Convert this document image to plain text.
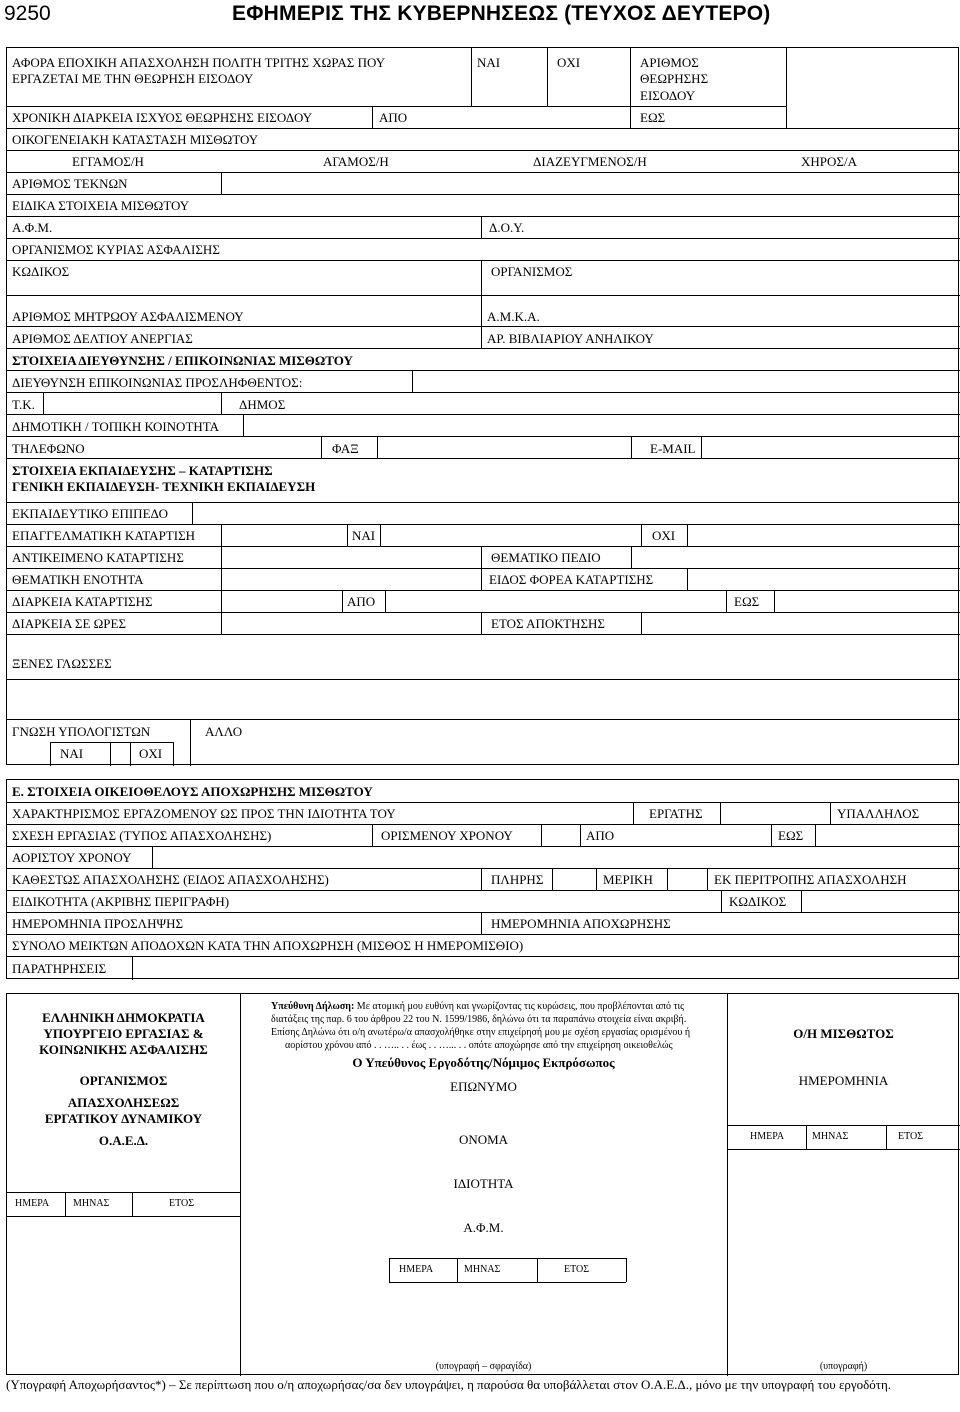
9250	ΕΦΗΜΕΡΙΣ ΤΗΣ ΚΥΒΕΡΝΗΣΕΩΣ (ΤΕΥΧΟΣ ΔΕΥΤΕΡΟ)
ΑΦΟΡΑ ΕΠΟΧΙΚΗ ΑΠΑΣΧΟΛΗΣΗ ΠΟΛΙΤΗ ΤΡΙΤΗΣ ΧΩΡΑΣ ΠΟΥ
ΕΡΓΑΖΕΤΑΙ ΜΕ ΤΗΝ ΘΕΩΡΗΣΗ ΕΙΣΟΔΟΥ
ΝΑΙ	ΟΧΙ	ΑΡΙΘΜΟΣ
ΘΕΩΡΗΣΗΣ
ΕΙΣΟΔΟΥ
ΧΡΟΝΙΚΗ ΔΙΑΡΚΕΙΑ ΙΣΧΥΟΣ ΘΕΩΡΗΣΗΣ ΕΙΣΟΔΟΥ	ΑΠΟ	ΕΩΣ
ΟΙΚΟΓΕΝΕΙΑΚΗ ΚΑΤΑΣΤΑΣΗ ΜΙΣΘΩΤΟΥ
ΕΓΓΑΜΟΣ/Η	ΑΓΑΜΟΣ/Η	ΔΙΑΖΕΥΓΜΕΝΟΣ/Η	ΧΗΡΟΣ/Α
ΑΡΙΘΜΟΣ ΤΕΚΝΩΝ
ΕΙΔΙΚΑ ΣΤΟΙΧΕΙΑ ΜΙΣΘΩΤΟΥ
Α.Φ.Μ.	Δ.Ο.Υ.
ΟΡΓΑΝΙΣΜΟΣ ΚΥΡΙΑΣ ΑΣΦΑΛΙΣΗΣ
ΚΩΔΙΚΟΣ	ΟΡΓΑΝΙΣΜΟΣ
ΑΡΙΘΜΟΣ ΜΗΤΡΩΟΥ ΑΣΦΑΛΙΣΜΕΝΟΥ	Α.Μ.Κ.Α.
ΑΡΙΘΜΟΣ ΔΕΛΤΙΟΥ ΑΝΕΡΓΙΑΣ	ΑΡ. ΒΙΒΛΙΑΡΙΟΥ ΑΝΗΛΙΚΟΥ
ΣΤΟΙΧΕΙΑ ΔΙΕΥΘΥΝΣΗΣ / ΕΠΙΚΟΙΝΩΝΙΑΣ ΜΙΣΘΩΤΟΥ
ΔΙΕΥΘΥΝΣΗ ΕΠΙΚΟΙΝΩΝΙΑΣ ΠΡΟΣΛΗΦΘΕΝΤΟΣ:
Τ.Κ.	ΔΗΜΟΣ
ΔΗΜΟΤΙΚΗ / ΤΟΠΙΚΗ ΚΟΙΝΟΤΗΤΑ
ΤΗΛΕΦΩΝΟ	ΦΑΞ	E-MAIL
ΣΤΟΙΧΕΙΑ ΕΚΠΑΙΔΕΥΣΗΣ – ΚΑΤΑΡΤΙΣΗΣ
ΓΕΝΙΚΗ ΕΚΠΑΙΔΕΥΣΗ- ΤΕΧΝΙΚΗ ΕΚΠΑΙΔΕΥΣΗ
ΕΚΠΑΙΔΕΥΤΙΚΟ ΕΠΙΠΕΔΟ
ΕΠΑΓΓΕΛΜΑΤΙΚΗ ΚΑΤΑΡΤΙΣΗ	ΝΑΙ	ΟΧΙ
ΑΝΤΙΚΕΙΜΕΝΟ ΚΑΤΑΡΤΙΣΗΣ	ΘΕΜΑΤΙΚΟ ΠΕΔΙΟ
ΘΕΜΑΤΙΚΗ ΕΝΟΤΗΤΑ	ΕΙΔΟΣ ΦΟΡΕΑ ΚΑΤΑΡΤΙΣΗΣ
ΔΙΑΡΚΕΙΑ ΚΑΤΑΡΤΙΣΗΣ	ΑΠΟ	ΕΩΣ
ΔΙΑΡΚΕΙΑ ΣΕ ΩΡΕΣ	ΕΤΟΣ ΑΠΟΚΤΗΣΗΣ
ΞΕΝΕΣ ΓΛΩΣΣΕΣ
ΓΝΩΣΗ ΥΠΟΛΟΓΙΣΤΩΝ	ΑΛΛΟ
ΝΑΙ	ΟΧΙ
Ε. ΣΤΟΙΧΕΙΑ ΟΙΚΕΙΟΘΕΛΟΥΣ ΑΠΟΧΩΡΗΣΗΣ ΜΙΣΘΩΤΟΥ
ΧΑΡΑΚΤΗΡΙΣΜΟΣ ΕΡΓΑΖΟΜΕΝΟΥ ΩΣ ΠΡΟΣ ΤΗΝ ΙΔΙΟΤΗΤΑ ΤΟΥ	ΕΡΓΑΤΗΣ	ΥΠΑΛΛΗΛΟΣ
ΣΧΕΣΗ ΕΡΓΑΣΙΑΣ (ΤΥΠΟΣ ΑΠΑΣΧΟΛΗΣΗΣ)	ΟΡΙΣΜΕΝΟΥ ΧΡΟΝΟΥ	ΑΠΟ	ΕΩΣ
ΑΟΡΙΣΤΟΥ ΧΡΟΝΟΥ
ΚΑΘΕΣΤΩΣ ΑΠΑΣΧΟΛΗΣΗΣ (ΕΙΔΟΣ ΑΠΑΣΧΟΛΗΣΗΣ)	ΠΛΗΡΗΣ	ΜΕΡΙΚΗ	ΕΚ ΠΕΡΙΤΡΟΠΗΣ ΑΠΑΣΧΟΛΗΣΗ
ΕΙΔΙΚΟΤΗΤΑ (ΑΚΡΙΒΗΣ ΠΕΡΙΓΡΑΦΗ)	ΚΩΔΙΚΟΣ
ΗΜΕΡΟΜΗΝΙΑ ΠΡΟΣΛΗΨΗΣ	ΗΜΕΡΟΜΗΝΙΑ ΑΠΟΧΩΡΗΣΗΣ
ΣΥΝΟΛΟ ΜΕΙΚΤΩΝ ΑΠΟΔΟΧΩΝ ΚΑΤΑ ΤΗΝ ΑΠΟΧΩΡΗΣΗ (ΜΙΣΘΟΣ Η ΗΜΕΡΟΜΙΣΘΙΟ)
ΠΑΡΑΤΗΡΗΣΕΙΣ
ΕΛΛΗΝΙΚΗ ΔΗΜΟΚΡΑΤΙΑ
ΥΠΟΥΡΓΕΙΟ ΕΡΓΑΣΙΑΣ &
ΚΟΙΝΩΝΙΚΗΣ ΑΣΦΑΛΙΣΗΣ
ΟΡΓΑΝΙΣΜΟΣ
ΑΠΑΣΧΟΛΗΣΕΩΣ
ΕΡΓΑΤΙΚΟΥ ΔΥΝΑΜΙΚΟΥ
Ο.Α.Ε.Δ.
ΗΜΕΡΑ ΜΗΝΑΣ	ΕΤΟΣ
Υπεύθυνη Δήλωση: Με ατομική μου ευθύνη και γνωρίζοντας τις κυρώσεις, που προβλέπονται από τις
διατάξεις της παρ. 6 του άρθρου 22 του Ν. 1599/1986, δηλώνω ότι τα παραπάνω στοιχεία είναι ακριβή.
Επίσης Δηλώνω ότι ο/η ανωτέρω/α απασχολήθηκε στην επιχείρησή μου με σχέση εργασίας ορισμένου ή
αορίστου χρόνου από . . ….. . . έως . . …... . . οπότε αποχώρησε από την επιχείρηση οικειοθελώς
Ο Υπεύθυνος Εργοδότης/Νόμιμος Εκπρόσωπος
ΕΠΩΝΥΜΟ
ΟΝΟΜΑ
ΙΔΙΟΤΗΤΑ
Α.Φ.Μ.
ΗΜΕΡΑ	ΜΗΝΑΣ	ΕΤΟΣ
(υπογραφή – σφραγίδα)
Ο/Η ΜΙΣΘΩΤΟΣ
ΗΜΕΡΟΜΗΝΙΑ
ΗΜΕΡΑ	ΜΗΝΑΣ	ΕΤΟΣ
(υπογραφή)
(Υπογραφή Αποχωρήσαντος*) – Σε περίπτωση που ο/η αποχωρήσας/σα δεν υπογράψει, η παρούσα θα υποβάλλεται στον Ο.Α.Ε.Δ., μόνο με την υπογραφή του εργοδότη.
